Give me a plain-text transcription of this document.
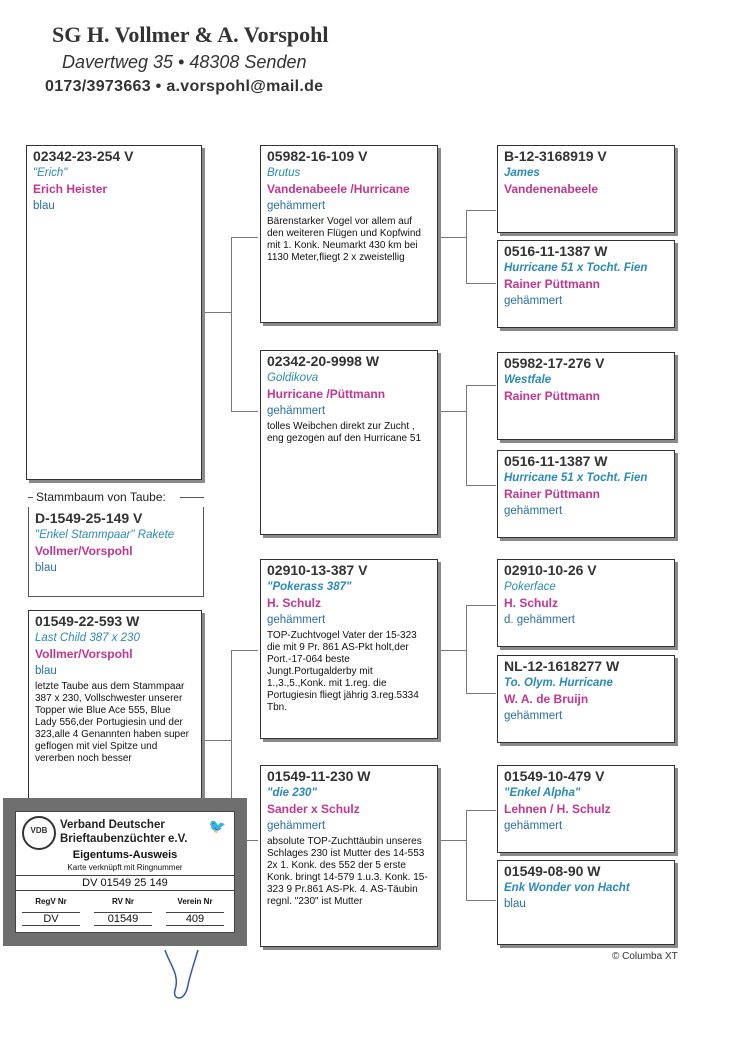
SG H. Vollmer & A. Vorspohl
Davertweg 35 • 48308 Senden
0173/3973663 • a.vorspohl@mail.de
02342-23-254 V
"Erich"
Erich Heister
blau
Stammbaum von Taube:
D-1549-25-149 V
"Enkel Stammpaar" Rakete
Vollmer/Vorspohl
blau
01549-22-593 W
Last Child 387 x 230
Vollmer/Vorspohl
blau
letzte Taube aus dem Stammpaar 387 x 230, Vollschwester unserer Topper wie Blue Ace 555, Blue Lady 556,der Portugiesin und der 323,alle 4 Genannten haben super geflogen mit viel Spitze und vererben noch besser
05982-16-109 V
Brutus
Vandenabeele /Hurricane
gehämmert
Bärenstarker Vogel vor allem auf den weiteren Flügen und Kopfwind mit 1. Konk. Neumarkt 430 km bei 1130 Meter,fliegt 2 x zweistellig
02342-20-9998 W
Goldikova
Hurricane /Püttmann
gehämmert
tolles Weibchen direkt zur Zucht , eng gezogen auf den Hurricane 51
02910-13-387 V
"Pokerass 387"
H. Schulz
gehämmert
TOP-Zuchtvogel Vater der 15-323 die mit 9 Pr. 861 AS-Pkt holt,der Port.-17-064 beste Jungt.Portugalderby mit 1.,3.,5.,Konk. mit 1.reg. die Portugiesin fliegt jährig 3.reg.5334 Tbn.
01549-11-230 W
"die 230"
Sander x Schulz
gehämmert
absolute TOP-Zuchttäubin unseres Schlages 230 ist Mutter des 14-553 2x 1. Konk. des 552 der 5 erste Konk. bringt 14-579 1.u.3. Konk. 15- 323 9 Pr.861 AS-Pk. 4. AS-Täubin regnl. "230" ist Mutter
B-12-3168919 V
James
Vandenenabeele
0516-11-1387 W
Hurricane 51 x Tocht. Fien
Rainer Püttmann
gehämmert
05982-17-276 V
Westfale
Rainer Püttmann
0516-11-1387 W
Hurricane 51 x Tocht. Fien
Rainer Püttmann
gehämmert
02910-10-26 V
Pokerface
H. Schulz
d. gehämmert
NL-12-1618277 W
To. Olym. Hurricane
W. A. de Bruijn
gehämmert
01549-10-479 V
"Enkel Alpha"
Lehnen / H. Schulz
gehämmert
01549-08-90 W
Enk Wonder von Hacht
blau
VDB	🐦
Verband Deutscher
Brieftaubenzüchter e.V.
Eigentums-Ausweis
Karte verknüpft mit Ringnummer
DV 01549 25 149
RegV Nr	RV Nr	Verein Nr
DV	01549	409
© Columba XT
